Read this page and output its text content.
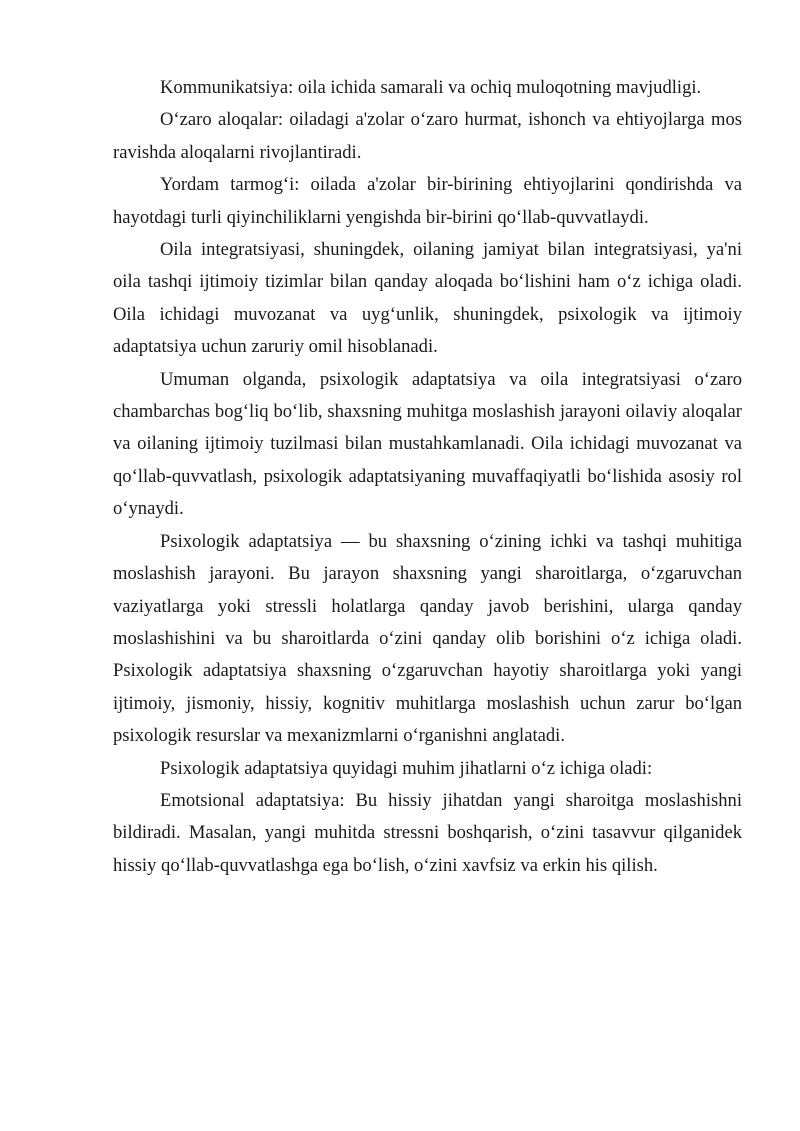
Kommunikatsiya: oila ichida samarali va ochiq muloqotning mavjudligi.

O‘zaro aloqalar: oiladagi a'zolar o‘zaro hurmat, ishonch va ehtiyojlarga mos ravishda aloqalarni rivojlantiradi.

Yordam tarmog‘i: oilada a'zolar bir-birining ehtiyojlarini qondirishda va hayotdagi turli qiyinchiliklarni yengishda bir-birini qo‘llab-quvvatlaydi.

Oila integratsiyasi, shuningdek, oilaning jamiyat bilan integratsiyasi, ya'ni oila tashqi ijtimoiy tizimlar bilan qanday aloqada bo‘lishini ham o‘z ichiga oladi. Oila ichidagi muvozanat va uyg‘unlik, shuningdek, psixologik va ijtimoiy adaptatsiya uchun zaruriy omil hisoblanadi.

Umuman olganda, psixologik adaptatsiya va oila integratsiyasi o‘zaro chambarchas bog‘liq bo‘lib, shaxsning muhitga moslashish jarayoni oilaviy aloqalar va oilaning ijtimoiy tuzilmasi bilan mustahkamlanadi. Oila ichidagi muvozanat va qo‘llab-quvvatlash, psixologik adaptatsiyaning muvaffaqiyatli bo‘lishida asosiy rol o‘ynaydi.

Psixologik adaptatsiya — bu shaxsning o‘zining ichki va tashqi muhitiga moslashish jarayoni. Bu jarayon shaxsning yangi sharoitlarga, o‘zgaruvchan vaziyatlarga yoki stressli holatlarga qanday javob berishini, ularga qanday moslashishini va bu sharoitlarda o‘zini qanday olib borishini o‘z ichiga oladi. Psixologik adaptatsiya shaxsning o‘zgaruvchan hayotiy sharoitlarga yoki yangi ijtimoiy, jismoniy, hissiy, kognitiv muhitlarga moslashish uchun zarur bo‘lgan psixologik resurslar va mexanizmlarni o‘rganishni anglatadi.

Psixologik adaptatsiya quyidagi muhim jihatlarni o‘z ichiga oladi:

Emotsional adaptatsiya: Bu hissiy jihatdan yangi sharoitga moslashishni bildiradi. Masalan, yangi muhitda stressni boshqarish, o‘zini tasavvur qilganidek hissiy qo‘llab-quvvatlashga ega bo‘lish, o‘zini xavfsiz va erkin his qilish.
